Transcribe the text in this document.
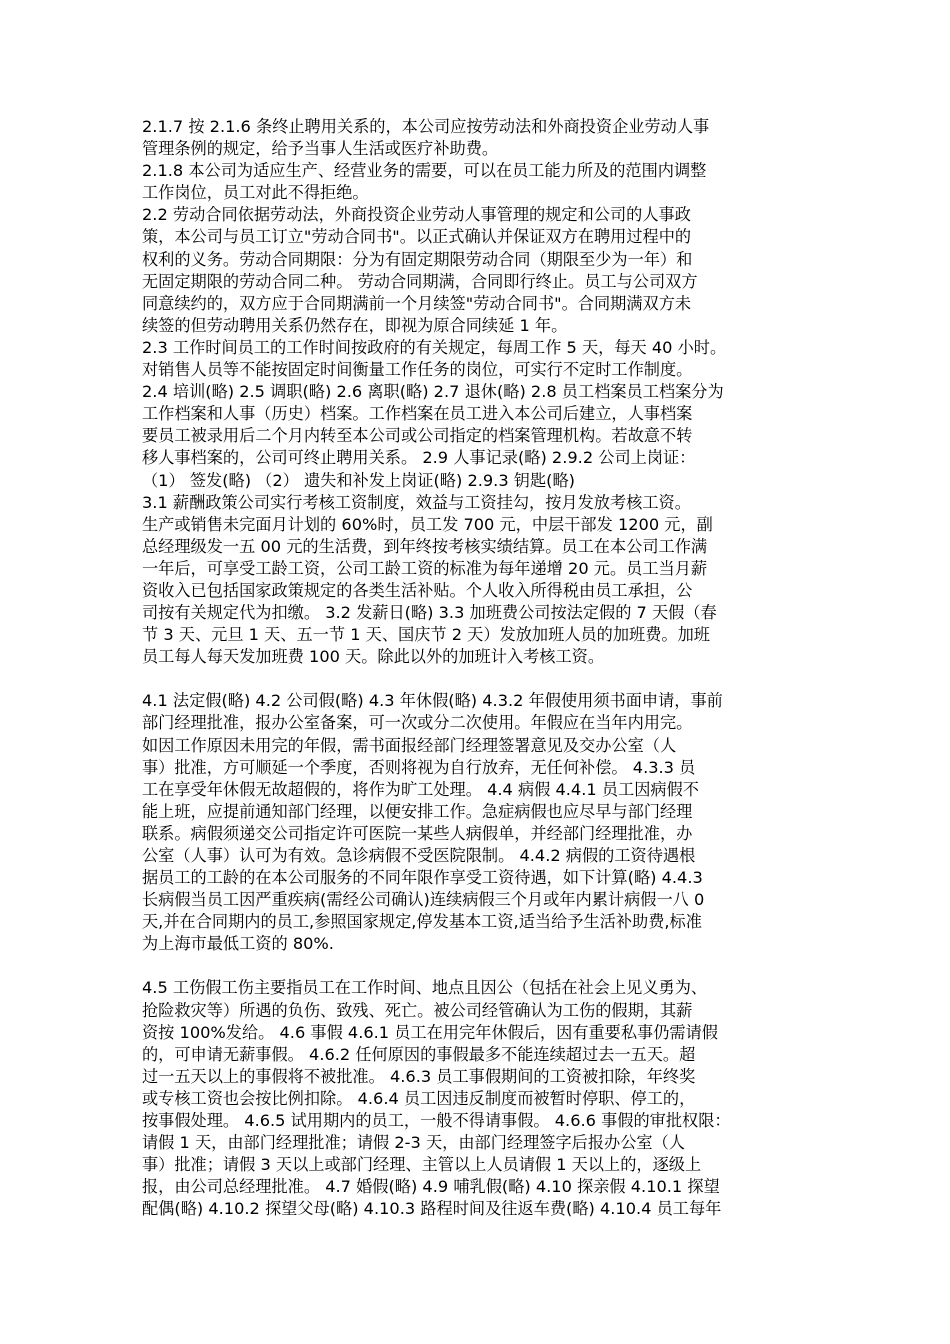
2.1.7 按 2.1.6 条终止聘用关系的，本公司应按劳动法和外商投资企业劳动人事
管理条例的规定，给予当事人生活或医疗补助费。
2.1.8 本公司为适应生产、经营业务的需要，可以在员工能力所及的范围内调整
工作岗位，员工对此不得拒绝。
2.2 劳动合同依据劳动法，外商投资企业劳动人事管理的规定和公司的人事政
策，本公司与员工订立"劳动合同书"。以正式确认并保证双方在聘用过程中的
权利的义务。劳动合同期限：分为有固定期限劳动合同（期限至少为一年）和
无固定期限的劳动合同二种。 劳动合同期满，合同即行终止。员工与公司双方
同意续约的，双方应于合同期满前一个月续签"劳动合同书"。合同期满双方未
续签的但劳动聘用关系仍然存在，即视为原合同续延 1 年。
2.3 工作时间员工的工作时间按政府的有关规定，每周工作 5 天，每天 40 小时。
对销售人员等不能按固定时间衡量工作任务的岗位，可实行不定时工作制度。
2.4 培训(略) 2.5 调职(略) 2.6 离职(略) 2.7 退休(略) 2.8 员工档案员工档案分为
工作档案和人事（历史）档案。工作档案在员工进入本公司后建立，人事档案
要员工被录用后二个月内转至本公司或公司指定的档案管理机构。若故意不转
移人事档案的，公司可终止聘用关系。 2.9 人事记录(略) 2.9.2 公司上岗证：
（1） 签发(略) （2） 遗失和补发上岗证(略) 2.9.3 钥匙(略)
3.1 薪酬政策公司实行考核工资制度，效益与工资挂勾，按月发放考核工资。
生产或销售未完面月计划的 60%时，员工发 700 元，中层干部发 1200 元，副
总经理级发一五 00 元的生活费，到年终按考核实绩结算。员工在本公司工作满
一年后，可享受工龄工资，公司工龄工资的标准为每年递增 20 元。员工当月薪
资收入已包括国家政策规定的各类生活补贴。个人收入所得税由员工承担，公
司按有关规定代为扣缴。 3.2 发薪日(略) 3.3 加班费公司按法定假的 7 天假（春
节 3 天、元旦 1 天、五一节 1 天、国庆节 2 天）发放加班人员的加班费。加班
员工每人每天发加班费 100 天。除此以外的加班计入考核工资。
4.1 法定假(略) 4.2 公司假(略) 4.3 年休假(略) 4.3.2 年假使用须书面申请，事前
部门经理批准，报办公室备案，可一次或分二次使用。年假应在当年内用完。
如因工作原因未用完的年假，需书面报经部门经理签署意见及交办公室（人
事）批准，方可顺延一个季度，否则将视为自行放弃，无任何补偿。 4.3.3 员
工在享受年休假无故超假的，将作为旷工处理。 4.4 病假 4.4.1 员工因病假不
能上班，应提前通知部门经理，以便安排工作。急症病假也应尽早与部门经理
联系。病假须递交公司指定许可医院一某些人病假单，并经部门经理批准，办
公室（人事）认可为有效。急诊病假不受医院限制。 4.4.2 病假的工资待遇根
据员工的工龄的在本公司服务的不同年限作享受工资待遇，如下计算(略) 4.4.3
长病假当员工因严重疾病(需经公司确认)连续病假三个月或年内累计病假一八 0
天,并在合同期内的员工,参照国家规定,停发基本工资,适当给予生活补助费,标准
为上海市最低工资的 80%.
4.5 工伤假工伤主要指员工在工作时间、地点且因公（包括在社会上见义勇为、
抢险救灾等）所遇的负伤、致残、死亡。被公司经管确认为工伤的假期，其薪
资按 100%发给。 4.6 事假 4.6.1 员工在用完年休假后，因有重要私事仍需请假
的，可申请无薪事假。 4.6.2 任何原因的事假最多不能连续超过去一五天。超
过一五天以上的事假将不被批准。 4.6.3 员工事假期间的工资被扣除，年终奖
或专核工资也会按比例扣除。 4.6.4 员工因违反制度而被暂时停职、停工的，
按事假处理。 4.6.5 试用期内的员工，一般不得请事假。 4.6.6 事假的审批权限：
请假 1 天，由部门经理批准；请假 2-3 天，由部门经理签字后报办公室（人
事）批准；请假 3 天以上或部门经理、主管以上人员请假 1 天以上的，逐级上
报，由公司总经理批准。 4.7 婚假(略) 4.9 哺乳假(略) 4.10 探亲假 4.10.1 探望
配偶(略) 4.10.2 探望父母(略) 4.10.3 路程时间及往返车费(略) 4.10.4 员工每年
